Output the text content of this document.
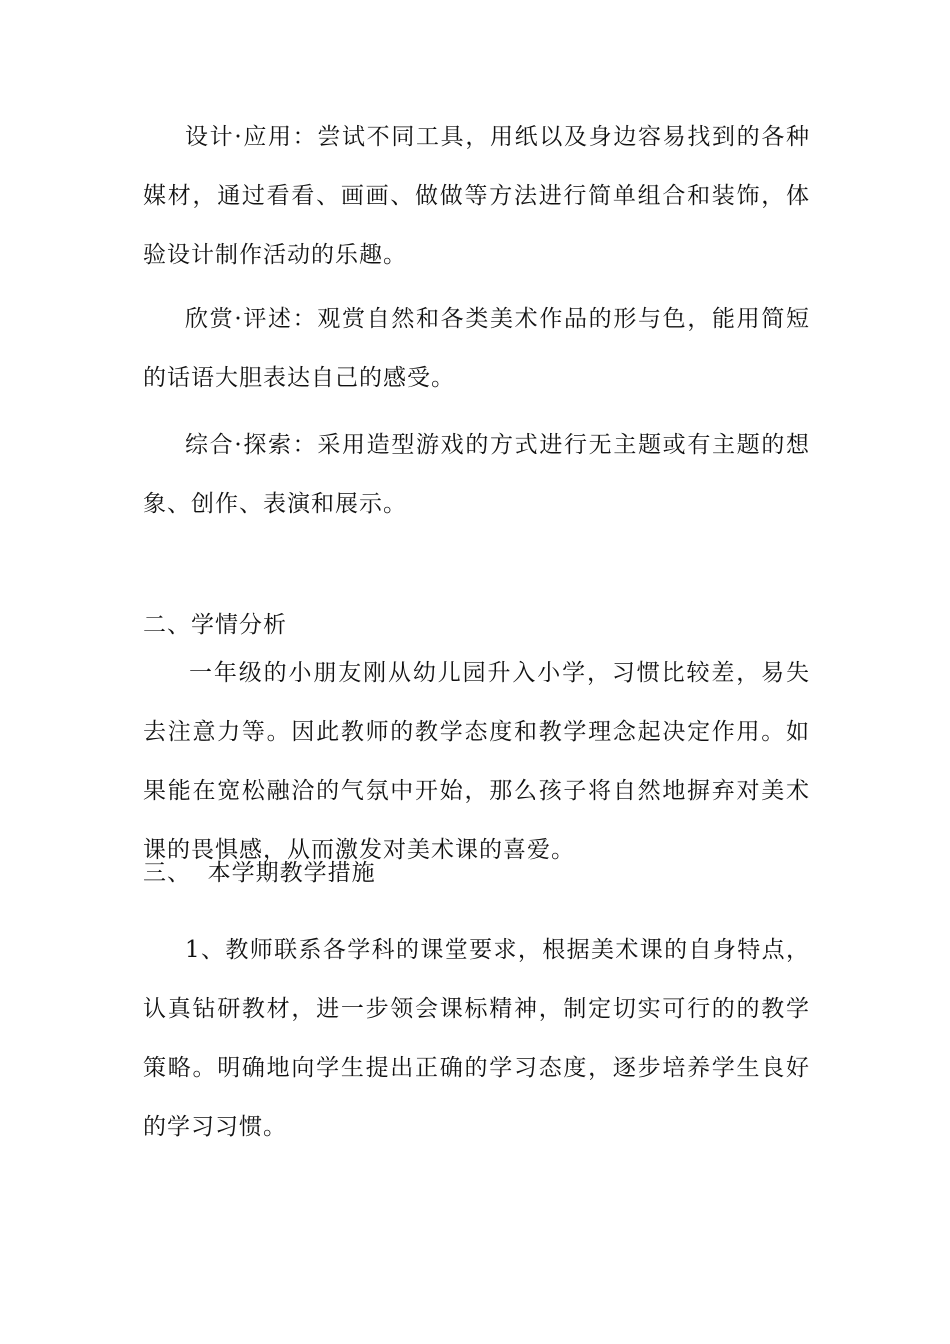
设计·应用：尝试不同工具，用纸以及身边容易找到的各种媒材，通过看看、画画、做做等方法进行简单组合和装饰，体验设计制作活动的乐趣。

欣赏·评述：观赏自然和各类美术作品的形与色，能用简短的话语大胆表达自己的感受。

综合·探索：采用造型游戏的方式进行无主题或有主题的想象、创作、表演和展示。

二、学情分析

一年级的小朋友刚从幼儿园升入小学，习惯比较差，易失去注意力等。因此教师的教学态度和教学理念起决定作用。如果能在宽松融洽的气氛中开始，那么孩子将自然地摒弃对美术课的畏惧感，从而激发对美术课的喜爱。

三、  本学期教学措施

1、教师联系各学科的课堂要求，根据美术课的自身特点，认真钻研教材，进一步领会课标精神，制定切实可行的的教学策略。明确地向学生提出正确的学习态度，逐步培养学生良好的学习习惯。
